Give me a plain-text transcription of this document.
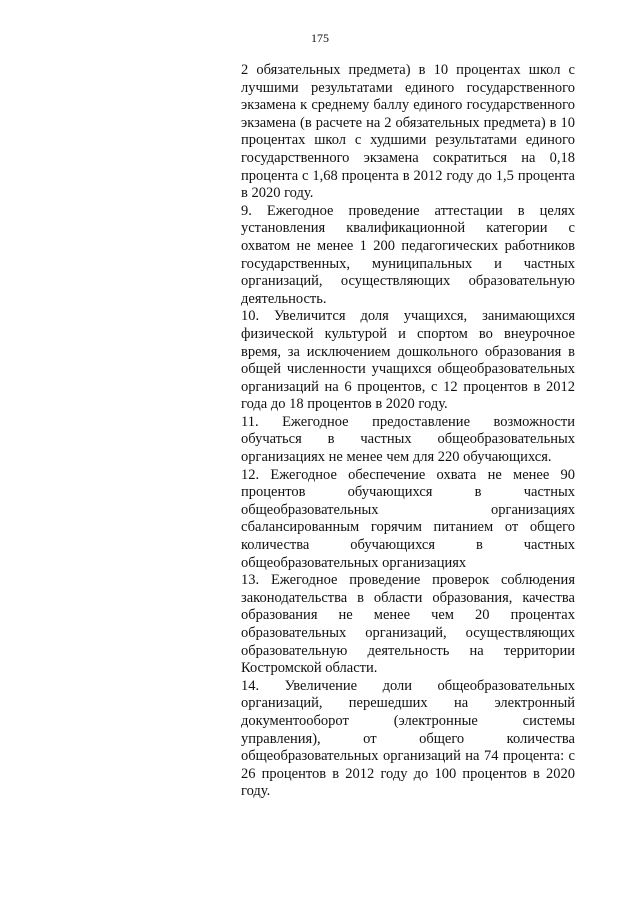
175
2 обязательных предмета) в 10 процентах школ с лучшими результатами единого государственного экзамена к среднему баллу единого государственного экзамена (в расчете на 2 обязательных предмета) в 10 процентах школ с худшими результатами единого государственного экзамена сократиться на 0,18 процента с 1,68 процента в 2012 году до 1,5 процента в 2020 году.
9. Ежегодное проведение аттестации в целях установления квалификационной категории с охватом не менее 1 200 педагогических работников государственных, муниципальных и частных организаций, осуществляющих образовательную деятельность.
10. Увеличится доля учащихся, занимающихся физической культурой и спортом во внеурочное время, за исключением дошкольного образования в общей численности учащихся общеобразовательных организаций на 6 процентов, с 12 процентов в 2012 года до 18 процентов в 2020 году.
11. Ежегодное предоставление возможности обучаться в частных общеобразовательных организациях не менее чем для 220 обучающихся.
12. Ежегодное обеспечение охвата не менее 90 процентов обучающихся в частных общеобразовательных организациях сбалансированным горячим питанием от общего количества обучающихся в частных общеобразовательных организациях
13. Ежегодное проведение проверок соблюдения законодательства в области образования, качества образования не менее чем 20 процентах образовательных организаций, осуществляющих образовательную деятельность на территории Костромской области.
14. Увеличение доли общеобразовательных организаций, перешедших на электронный документооборот (электронные системы управления), от общего количества общеобразовательных организаций на 74 процента: с 26 процентов в 2012 году до 100 процентов в 2020 году.
